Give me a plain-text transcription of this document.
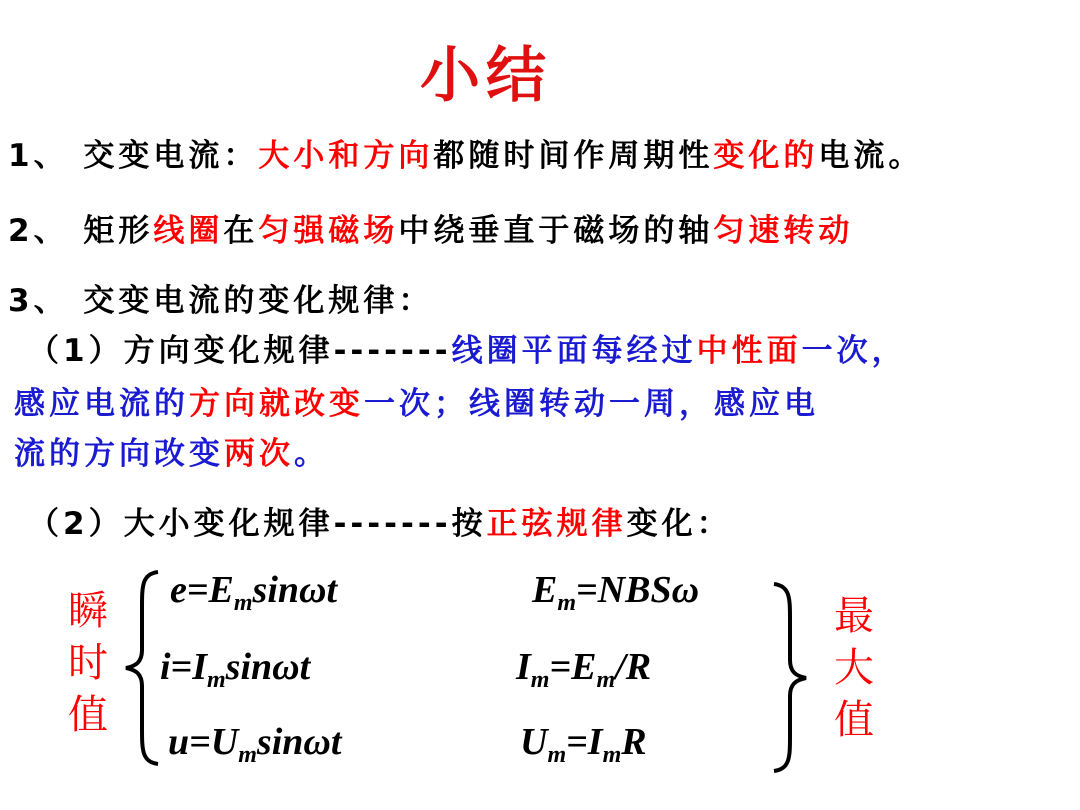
小结
1、 交变电流：大小和方向都随时间作周期性变化的电流。
2、 矩形线圈在匀强磁场中绕垂直于磁场的轴匀速转动
3、 交变电流的变化规律：
（1）方向变化规律-------线圈平面每经过中性面一次，
感应电流的方向就改变一次；线圈转动一周，感应电
流的方向改变两次。
（2）大小变化规律-------按正弦规律变化：
瞬
时
值
最
大
值
$e=E_m\sin\omega t$
$i=I_m\sin\omega t$
$u=U_m\sin\omega t$
$E_m=NBS\omega$
$I_m=E_m/R$
$U_m=I_mR$
